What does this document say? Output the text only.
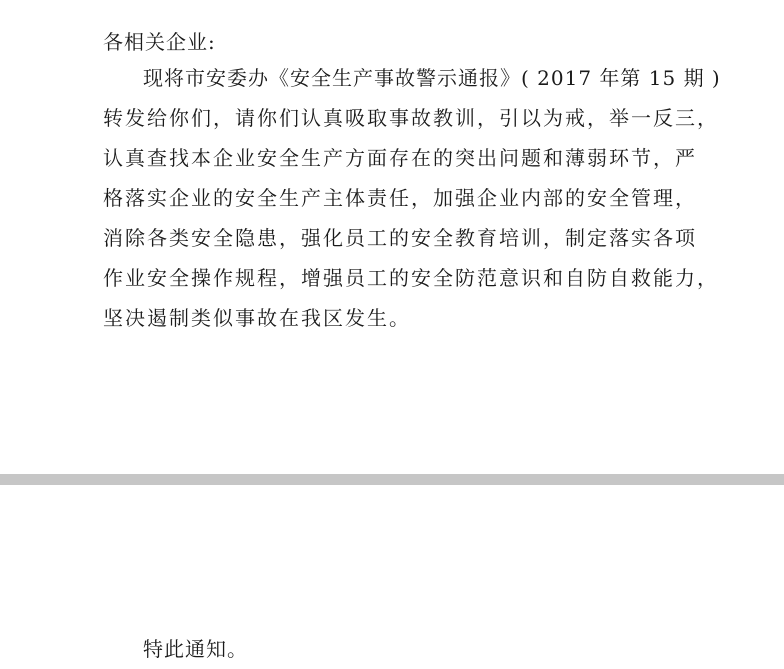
各相关企业:
现将市安委办《安全生产事故警示通报》( 2017 年第 15 期 )
转发给你们，请你们认真吸取事故教训，引以为戒，举一反三，
认真查找本企业安全生产方面存在的突出问题和薄弱环节，严
格落实企业的安全生产主体责任，加强企业内部的安全管理，
消除各类安全隐患，强化员工的安全教育培训，制定落实各项
作业安全操作规程，增强员工的安全防范意识和自防自救能力，
坚决遏制类似事故在我区发生。
特此通知。
